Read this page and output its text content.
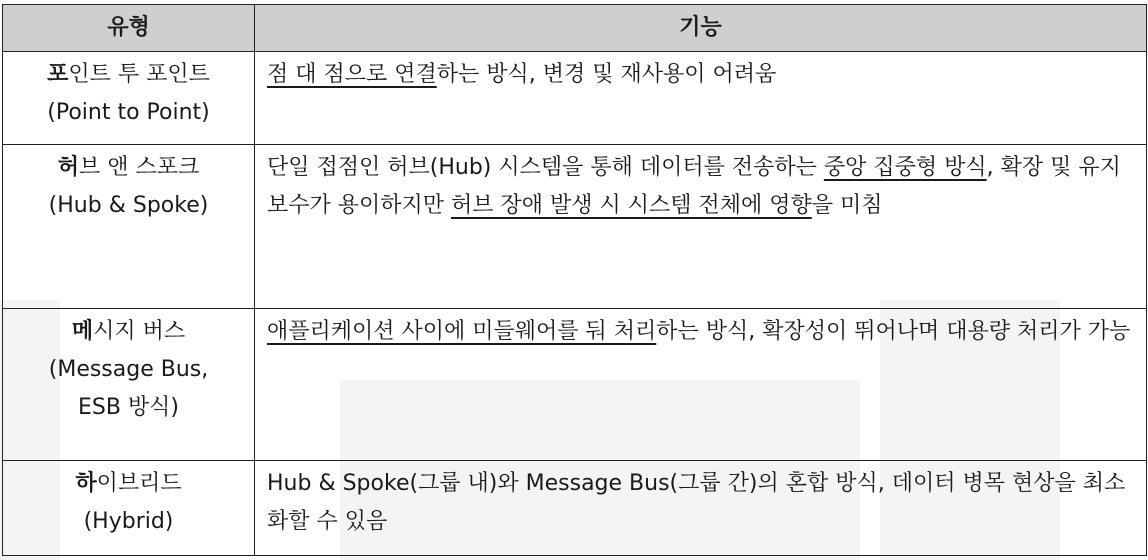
유형	기능
포인트 투 포인트
(Point to Point)	점 대 점으로 연결하는 방식, 변경 및 재사용이 어려움
허브 앤 스포크
(Hub & Spoke)	단일 접점인 허브(Hub) 시스템을 통해 데이터를 전송하는 중앙 집중형 방식, 확장 및 유지보수가 용이하지만 허브 장애 발생 시 시스템 전체에 영향을 미침
메시지 버스
(Message Bus,
ESB 방식)	애플리케이션 사이에 미들웨어를 둬 처리하는 방식, 확장성이 뛰어나며 대용량 처리가 가능
하이브리드
(Hybrid)	Hub & Spoke(그룹 내)와 Message Bus(그룹 간)의 혼합 방식, 데이터 병목 현상을 최소화할 수 있음
